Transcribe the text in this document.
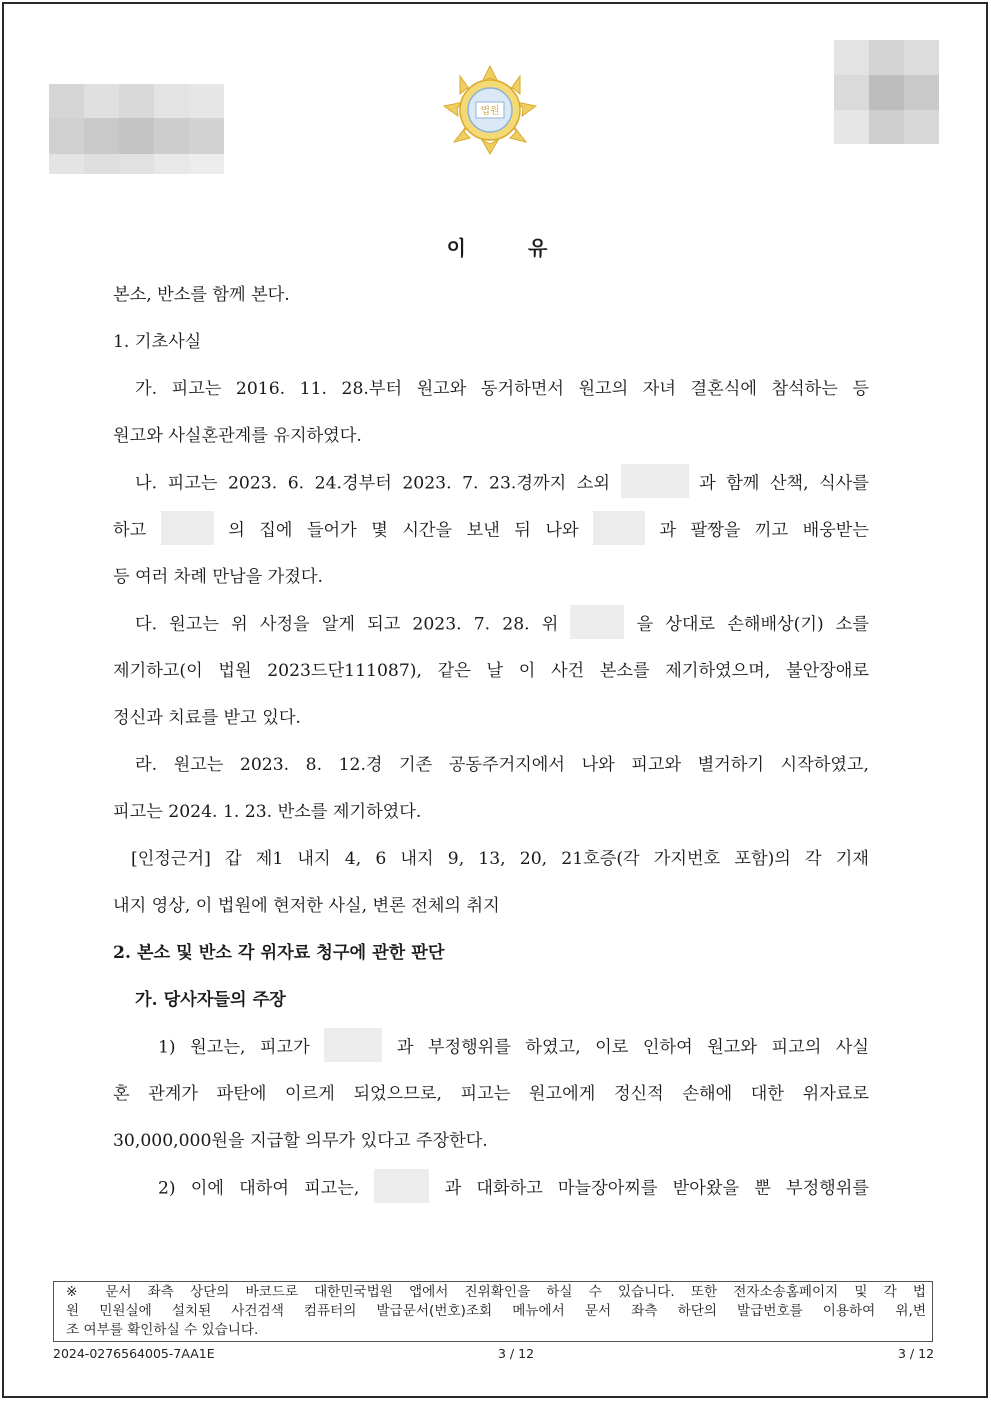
법원
이	유
본소, 반소를 함께 본다.
1. 기초사실
가. 피고는 2016. 11. 28.부터 원고와 동거하면서 원고의 자녀 결혼식에 참석하는 등
원고와 사실혼관계를 유지하였다.
나. 피고는 2023. 6. 24.경부터 2023. 7. 23.경까지 소외	과 함께 산책, 식사를
하고	의 집에 들어가 몇 시간을 보낸 뒤 나와	과 팔짱을 끼고 배웅받는
등 여러 차례 만남을 가졌다.
다. 원고는 위 사정을 알게 되고 2023. 7. 28. 위	을 상대로 손해배상(기) 소를
제기하고(이 법원 2023드단111087), 같은 날 이 사건 본소를 제기하였으며, 불안장애로
정신과 치료를 받고 있다.
라. 원고는 2023. 8. 12.경 기존 공동주거지에서 나와 피고와 별거하기 시작하였고,
피고는 2024. 1. 23. 반소를 제기하였다.
[인정근거] 갑 제1 내지 4, 6 내지 9, 13, 20, 21호증(각 가지번호 포함)의 각 기재
내지 영상, 이 법원에 현저한 사실, 변론 전체의 취지
2. 본소 및 반소 각 위자료 청구에 관한 판단
가. 당사자들의 주장
1) 원고는, 피고가	과 부정행위를 하였고, 이로 인하여 원고와 피고의 사실
혼 관계가 파탄에 이르게 되었으므로, 피고는 원고에게 정신적 손해에 대한 위자료로
30,000,000원을 지급할 의무가 있다고 주장한다.
2) 이에 대하여 피고는,	과 대화하고 마늘장아찌를 받아왔을 뿐 부정행위를
※ 문서 좌측 상단의 바코드로 대한민국법원 앱에서 진위확인을 하실 수 있습니다. 또한 전자소송홈페이지 및 각 법
원 민원실에 설치된 사건검색 컴퓨터의 발급문서(번호)조회 메뉴에서 문서 좌측 하단의 발급번호를 이용하여 위,변
조 여부를 확인하실 수 있습니다.
2024-0276564005-7AA1E	3 / 12	3 / 12
